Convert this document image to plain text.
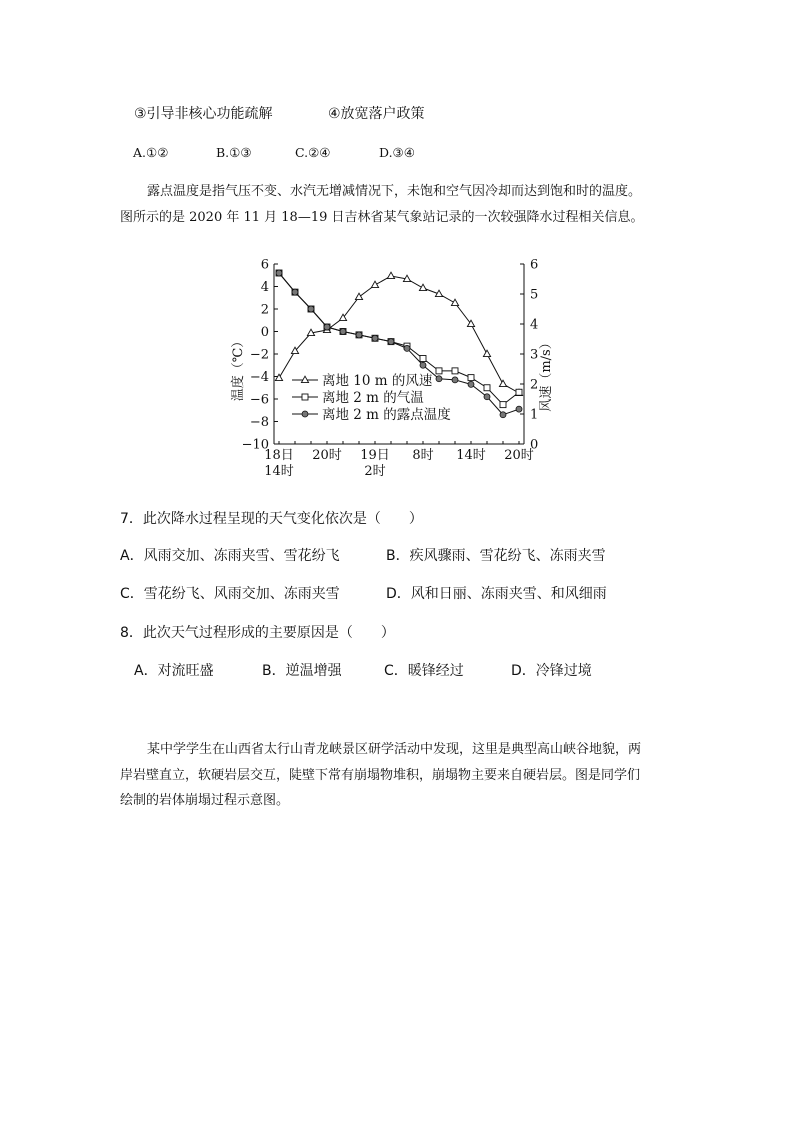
③引导非核心功能疏解	④放宽落户政策
A.①②	B.①③	C.②④	D.③④
露点温度是指气压不变、水汽无增减情况下，未饱和空气因冷却而达到饱和时的温度。
图所示的是 2020 年 11 月 18—19 日吉林省某气象站记录的一次较强降水过程相关信息。
−10
−8
−6
−4
−2
0
2
4
6
0
1
2
3
4
5
6
18日
14时
20时 19日
2时
8时 14时 20时
温度（℃）	风速（m/s）
离地 10 m 的风速
离地 2 m 的气温
离地 2 m 的露点温度
7．此次降水过程呈现的天气变化依次是（　　）
A．风雨交加、冻雨夹雪、雪花纷飞	B．疾风骤雨、雪花纷飞、冻雨夹雪
C．雪花纷飞、风雨交加、冻雨夹雪	D．风和日丽、冻雨夹雪、和风细雨
8．此次天气过程形成的主要原因是（　　）
A．对流旺盛	B．逆温增强	C．暖锋经过	D．冷锋过境
某中学学生在山西省太行山青龙峡景区研学活动中发现，这里是典型高山峡谷地貌，两
岸岩壁直立，软硬岩层交互，陡壁下常有崩塌物堆积，崩塌物主要来自硬岩层。图是同学们
绘制的岩体崩塌过程示意图。
